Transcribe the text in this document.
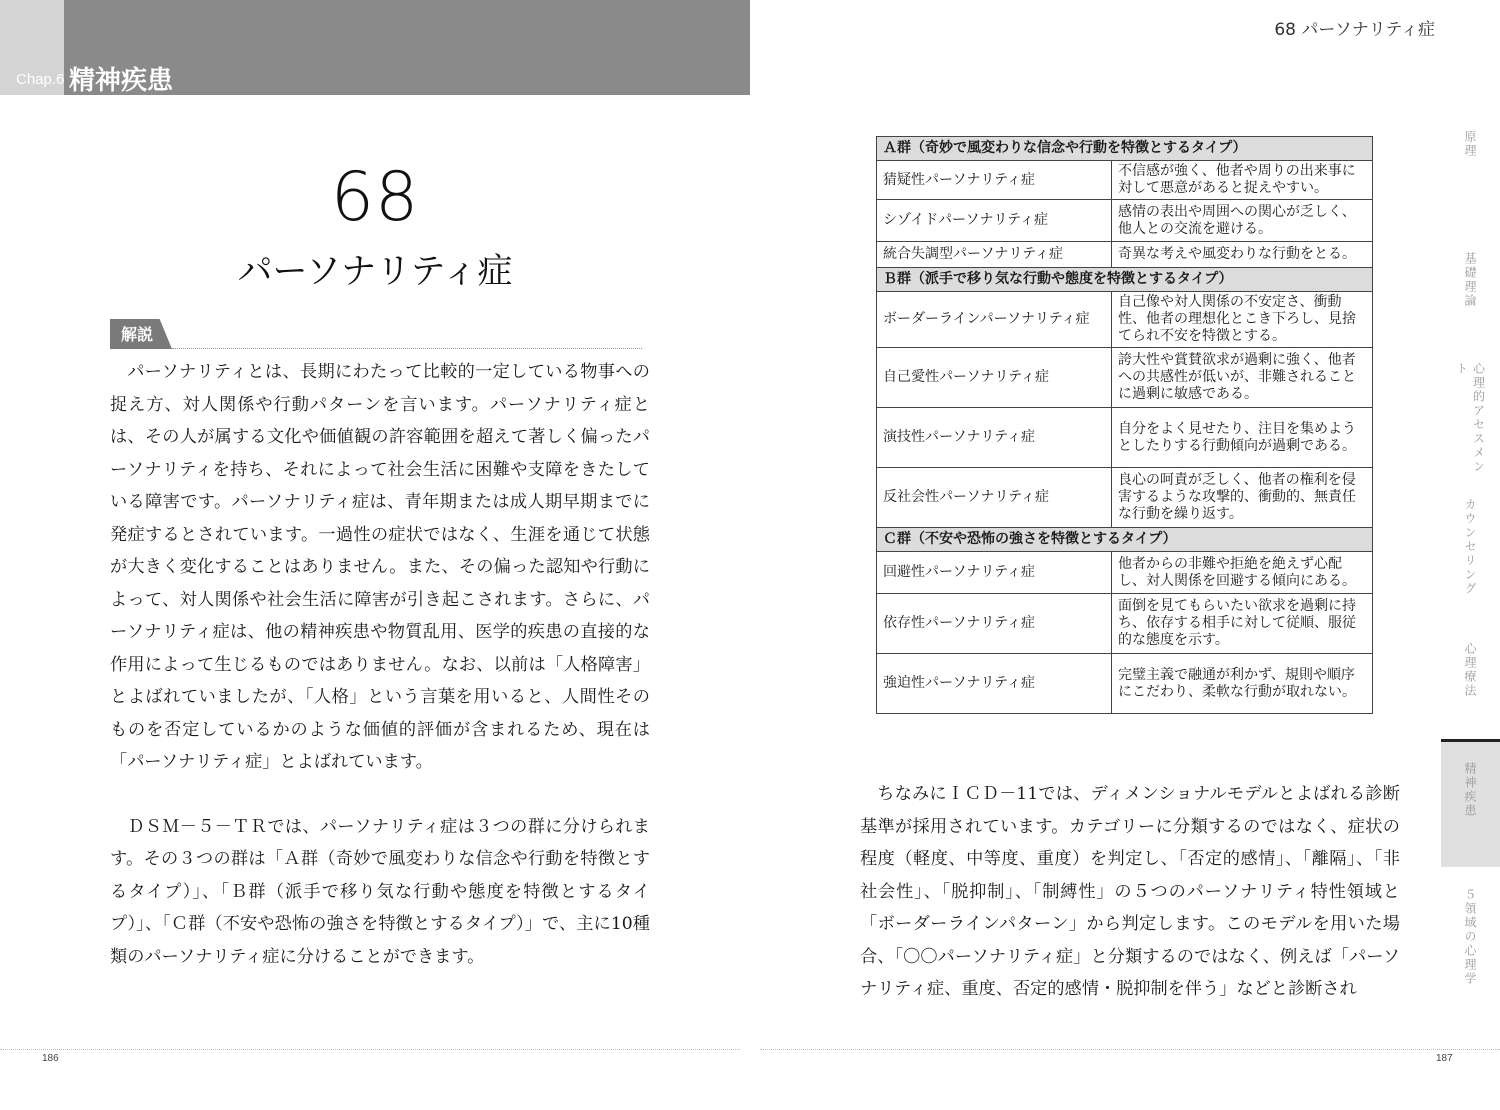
Chap.6 精神疾患
68 パーソナリティ症
68
パーソナリティ症
解説

パーソナリティとは、長期にわたって比較的一定している物事への捉え方、対人関係や行動パターンを言います。パーソナリティ症とは、その人が属する文化や価値観の許容範囲を超えて著しく偏ったパーソナリティを持ち、それによって社会生活に困難や支障をきたしている障害です。パーソナリティ症は、青年期または成人期早期までに発症するとされています。一過性の症状ではなく、生涯を通じて状態が大きく変化することはありません。また、その偏った認知や行動によって、対人関係や社会生活に障害が引き起こされます。さらに、パーソナリティ症は、他の精神疾患や物質乱用、医学的疾患の直接的な作用によって生じるものではありません。なお、以前は「人格障害」とよばれていましたが、「人格」という言葉を用いると、人間性そのものを否定しているかのような価値的評価が含まれるため、現在は「パーソナリティ症」とよばれています。

ＤＳＭ－５－ＴＲでは、パーソナリティ症は３つの群に分けられます。その３つの群は「Ａ群（奇妙で風変わりな信念や行動を特徴とするタイプ）」、「Ｂ群（派手で移り気な行動や態度を特徴とするタイプ）」、「Ｃ群（不安や恐怖の強さを特徴とするタイプ）」で、主に10種類のパーソナリティ症に分けることができます。

Ａ群（奇妙で風変わりな信念や行動を特徴とするタイプ）	
猜疑性パーソナリティ症	不信感が強く、他者や周りの出来事に対して悪意があると捉えやすい。
シゾイドパーソナリティ症	感情の表出や周囲への関心が乏しく、他人との交流を避ける。
統合失調型パーソナリティ症	奇異な考えや風変わりな行動をとる。
Ｂ群（派手で移り気な行動や態度を特徴とするタイプ）	
ボーダーラインパーソナリティ症	自己像や対人関係の不安定さ、衝動性、他者の理想化とこき下ろし、見捨てられ不安を特徴とする。
自己愛性パーソナリティ症	誇大性や賞賛欲求が過剰に強く、他者への共感性が低いが、非難されることに過剰に敏感である。
演技性パーソナリティ症	自分をよく見せたり、注目を集めようとしたりする行動傾向が過剰である。
反社会性パーソナリティ症	良心の呵責が乏しく、他者の権利を侵害するような攻撃的、衝動的、無責任な行動を繰り返す。
Ｃ群（不安や恐怖の強さを特徴とするタイプ）	
回避性パーソナリティ症	他者からの非難や拒絶を絶えず心配し、対人関係を回避する傾向にある。
依存性パーソナリティ症	面倒を見てもらいたい欲求を過剰に持ち、依存する相手に対して従順、服従的な態度を示す。
強迫性パーソナリティ症	完璧主義で融通が利かず、規則や順序にこだわり、柔軟な行動が取れない。

ちなみにＩＣＤ－11では、ディメンショナルモデルとよばれる診断基準が採用されています。カテゴリーに分類するのではなく、症状の程度（軽度、中等度、重度）を判定し、「否定的感情」、「離隔」、「非社会性」、「脱抑制」、「制縛性」の５つのパーソナリティ特性領域と「ボーダーラインパターン」から判定します。このモデルを用いた場合、「〇〇パーソナリティ症」と分類するのではなく、例えば「パーソナリティ症、重度、否定的感情・脱抑制を伴う」などと診断され

原理
基礎理論
心理的アセスメント
カウンセリング
心理療法
精神疾患
５領域の心理学
186	187
